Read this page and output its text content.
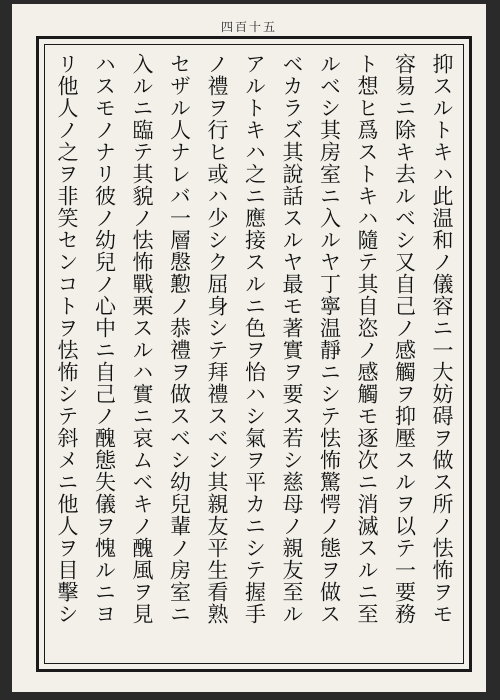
四百十五
抑スルトキハ此温和ノ儀容ニ一大妨碍ヲ做ス所ノ怯怖ヲモ
容易ニ除キ去ルベシ又自己ノ感觸ヲ抑壓スルヲ以テ一要務
ト想ヒ爲ストキハ隨テ其自恣ノ感觸モ逐次ニ消滅スルニ至
ルベシ其房室ニ入ルヤ丁寧温靜ニシテ怯怖驚愕ノ態ヲ做ス
ベカラズ其說話スルヤ最モ著實ヲ要ス若シ慈母ノ親友至ル
アルトキハ之ニ應接スルニ色ヲ怡ハシ氣ヲ平カニシテ握手
ノ禮ヲ行ヒ或ハ少シク屈身シテ拜禮スベシ其親友平生看熟
セザル人ナレバ一層慇懃ノ恭禮ヲ做スベシ幼兒輩ノ房室ニ
入ルニ臨テ其貌ノ怯怖戰栗スルハ實ニ哀ムベキノ醜風ヲ見
ハスモノナリ彼ノ幼兒ノ心中ニ自己ノ醜態失儀ヲ愧ルニヨ
リ他人ノ之ヲ非笑センコトヲ怯怖シテ斜メニ他人ヲ目擊シ
